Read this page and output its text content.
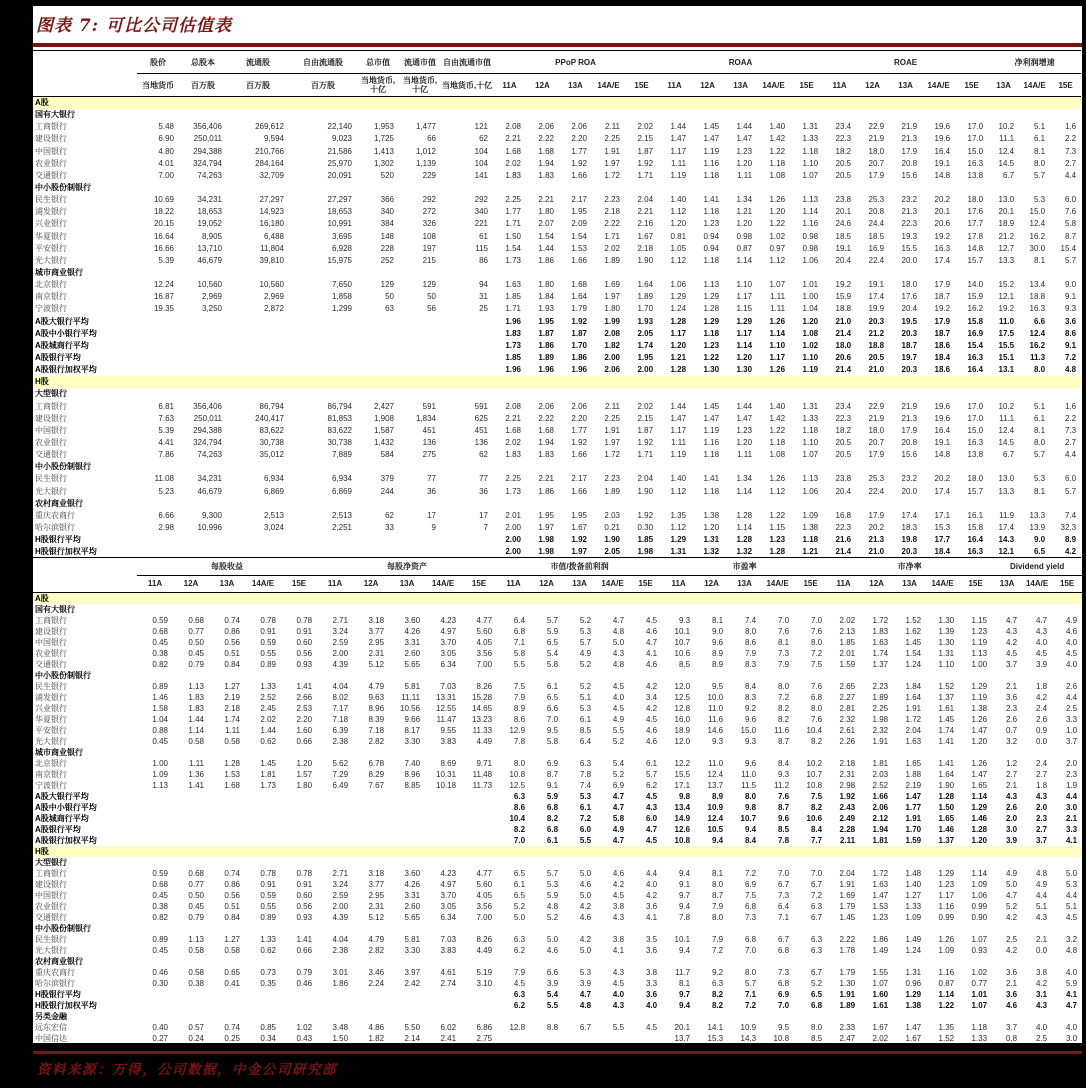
图表 7: 可比公司估值表
	股价	总股本	流通股	自由流通股	总市值	流通市值	自由流通市值	PPoP ROA					ROAA					ROAE					净利润增速		
	当地货币	百万股	百万股	百万股	当地货币,十亿	当地货币,十亿	当地货币,十亿	11A	12A	13A	14A/E	15E	11A	12A	13A	14A/E	15E	11A	12A	13A	14A/E	15E	13A	14A/E	15E
A股																									
国有大银行																									
工商银行	5.48	356,406	269,612	22,140	1,953	1,477	121	2.08	2.06	2.06	2.11	2.02	1.44	1.45	1.44	1.40	1.31	23.4	22.9	21.9	19.6	17.0	10.2	5.1	1.6
建设银行	6.90	250,011	9,594	9,023	1,725	66	62	2.21	2.22	2.20	2.25	2.15	1.47	1.47	1.47	1.42	1.33	22.3	21.9	21.3	19.6	17.0	11.1	6.1	2.2
中国银行	4.80	294,388	210,766	21,586	1,413	1,012	104	1.68	1.68	1.77	1.91	1.87	1.17	1.19	1.23	1.22	1.18	18.2	18.0	17.9	16.4	15.0	12.4	8.1	7.3
农业银行	4.01	324,794	284,164	25,970	1,302	1,139	104	2.02	1.94	1.92	1.97	1.92	1.11	1.16	1.20	1.18	1.10	20.5	20.7	20.8	19.1	16.3	14.5	8.0	2.7
交通银行	7.00	74,263	32,709	20,091	520	229	141	1.83	1.83	1.66	1.72	1.71	1.19	1.18	1.11	1.08	1.07	20.5	17.9	15.6	14.8	13.8	6.7	5.7	4.4
中小股份制银行																									
民生银行	10.69	34,231	27,297	27,297	366	292	292	2.25	2.21	2.17	2.23	2.04	1.40	1.41	1.34	1.26	1.13	23.8	25.3	23.2	20.2	18.0	13.0	5.3	6.0
浦发银行	18.22	18,653	14,923	18,653	340	272	340	1.77	1.80	1.95	2.18	2.21	1.12	1.18	1.21	1.20	1.14	20.1	20.8	21.3	20.1	17.6	20.1	15.0	7.6
兴业银行	20.15	19,052	16,180	10,991	384	326	221	1.71	2.07	2.09	2.22	2.16	1.20	1.23	1.20	1.22	1.16	24.6	24.4	22.3	20.6	17.7	18.9	12.4	5.8
华夏银行	16.64	8,905	6,488	3,695	148	108	61	1.50	1.54	1.54	1.71	1.67	0.81	0.94	0.98	1.02	0.98	18.5	18.5	19.3	19.2	17.8	21.2	16.2	8.7
平安银行	16.66	13,710	11,804	6,928	228	197	115	1.54	1.44	1.53	2.02	2.18	1.05	0.94	0.87	0.97	0.98	19.1	16.9	15.5	16.3	14.8	12.7	30.0	15.4
光大银行	5.39	46,679	39,810	15,975	252	215	86	1.73	1.86	1.66	1.89	1.90	1.12	1.18	1.14	1.12	1.06	20.4	22.4	20.0	17.4	15.7	13.3	8.1	5.7
城市商业银行																									
北京银行	12.24	10,560	10,560	7,650	129	129	94	1.63	1.80	1.68	1.69	1.64	1.06	1.13	1.10	1.07	1.01	19.2	19.1	18.0	17.9	14.0	15.2	13.4	9.0
南京银行	16.87	2,969	2,969	1,858	50	50	31	1.85	1.84	1.64	1.97	1.89	1.29	1.29	1.17	1.11	1.00	15.9	17.4	17.6	18.7	15.9	12.1	18.8	9.1
宁波银行	19.35	3,250	2,872	1,299	63	56	25	1.71	1.93	1.79	1.80	1.70	1.24	1.28	1.15	1.11	1.04	18.8	19.9	20.4	19.2	16.2	19.2	16.3	9.3
A股大银行平均								1.96	1.95	1.92	1.99	1.93	1.28	1.29	1.29	1.26	1.20	21.0	20.3	19.5	17.9	15.8	11.0	6.6	3.6
A股中小银行平均								1.83	1.87	1.87	2.08	2.05	1.17	1.18	1.17	1.14	1.08	21.4	21.2	20.3	18.7	16.9	17.5	12.4	8.6
A股城商行平均								1.73	1.86	1.70	1.82	1.74	1.20	1.23	1.14	1.10	1.02	18.0	18.8	18.7	18.6	15.4	15.5	16.2	9.1
A股银行平均								1.85	1.89	1.86	2.00	1.95	1.21	1.22	1.20	1.17	1.10	20.6	20.5	19.7	18.4	16.3	15.1	11.3	7.2
A股银行加权平均								1.96	1.96	1.96	2.06	2.00	1.28	1.30	1.30	1.26	1.19	21.4	21.0	20.3	18.6	16.4	13.1	8.0	4.8
H股																									
大型银行																									
工商银行	6.81	356,406	86,794	86,794	2,427	591	591	2.08	2.06	2.06	2.11	2.02	1.44	1.45	1.44	1.40	1.31	23.4	22.9	21.9	19.6	17.0	10.2	5.1	1.6
建设银行	7.63	250,011	240,417	81,853	1,908	1,834	625	2.21	2.22	2.20	2.25	2.15	1.47	1.47	1.47	1.42	1.33	22.3	21.9	21.3	19.6	17.0	11.1	6.1	2.2
中国银行	5.39	294,388	83,622	83,622	1,587	451	451	1.68	1.68	1.77	1.91	1.87	1.17	1.19	1.23	1.22	1.18	18.2	18.0	17.9	16.4	15.0	12.4	8.1	7.3
农业银行	4.41	324,794	30,738	30,738	1,432	136	136	2.02	1.94	1.92	1.97	1.92	1.11	1.16	1.20	1.18	1.10	20.5	20.7	20.8	19.1	16.3	14.5	8.0	2.7
交通银行	7.86	74,263	35,012	7,889	584	275	62	1.83	1.83	1.66	1.72	1.71	1.19	1.18	1.11	1.08	1.07	20.5	17.9	15.6	14.8	13.8	6.7	5.7	4.4
中小股份制银行																									
民生银行	11.08	34,231	6,934	6,934	379	77	77	2.25	2.21	2.17	2.23	2.04	1.40	1.41	1.34	1.26	1.13	23.8	25.3	23.2	20.2	18.0	13.0	5.3	6.0
光大银行	5.23	46,679	6,869	6,869	244	36	36	1.73	1.86	1.66	1.89	1.90	1.12	1.18	1.14	1.12	1.06	20.4	22.4	20.0	17.4	15.7	13.3	8.1	5.7
农村商业银行																									
重庆农商行	6.66	9,300	2,513	2,513	62	17	17	2.01	1.95	1.95	2.03	1.92	1.35	1.38	1.28	1.22	1.09	16.8	17.9	17.4	17.1	16.1	11.9	13.3	7.4
哈尔滨银行	2.98	10,996	3,024	2,251	33	9	7	2.00	1.97	1.67	0.21	0.30	1.12	1.20	1.14	1.15	1.38	22.3	20.2	18.3	15.3	15.8	17.4	13.9	32.3
H股银行平均								2.00	1.98	1.92	1.90	1.85	1.29	1.31	1.28	1.23	1.18	21.6	21.3	19.8	17.7	16.4	14.3	9.0	8.9
H股银行加权平均								2.00	1.98	1.97	2.05	1.98	1.31	1.32	1.32	1.28	1.21	21.4	21.0	20.3	18.4	16.3	12.1	6.5	4.2
	每股收益					每股净资产					市值/拨备前利润					市盈率					市净率					Dividend yield		
	11A	12A	13A	14A/E	15E	11A	12A	13A	14A/E	15E	11A	12A	13A	14A/E	15E	11A	12A	13A	14A/E	15E	11A	12A	13A	14A/E	15E	13A	14A/E	15E
A股																												
国有大银行																												
工商银行	0.59	0.68	0.74	0.78	0.78	2.71	3.18	3.60	4.23	4.77	6.4	5.7	5.2	4.7	4.5	9.3	8.1	7.4	7.0	7.0	2.02	1.72	1.52	1.30	1.15	4.7	4.7	4.9
建设银行	0.68	0.77	0.86	0.91	0.91	3.24	3.77	4.26	4.97	5.60	6.8	5.9	5.3	4.8	4.6	10.1	9.0	8.0	7.6	7.6	2.13	1.83	1.62	1.39	1.23	4.3	4.3	4.6
中国银行	0.45	0.50	0.56	0.59	0.60	2.59	2.95	3.31	3.70	4.05	7.1	6.5	5.7	5.0	4.7	10.7	9.6	8.6	8.1	8.0	1.85	1.63	1.45	1.30	1.19	4.2	4.0	4.0
农业银行	0.38	0.45	0.51	0.55	0.56	2.00	2.31	2.60	3.05	3.56	5.8	5.4	4.9	4.3	4.1	10.6	8.9	7.9	7.3	7.2	2.01	1.74	1.54	1.31	1.13	4.5	4.5	4.5
交通银行	0.82	0.79	0.84	0.89	0.93	4.39	5.12	5.65	6.34	7.00	5.5	5.8	5.2	4.8	4.6	8.5	8.9	8.3	7.9	7.5	1.59	1.37	1.24	1.10	1.00	3.7	3.9	4.0
中小股份制银行																												
民生银行	0.89	1.13	1.27	1.33	1.41	4.04	4.79	5.81	7.03	8.26	7.5	6.1	5.2	4.5	4.2	12.0	9.5	8.4	8.0	7.6	2.65	2.23	1.84	1.52	1.29	2.1	1.8	2.6
浦发银行	1.46	1.83	2.19	2.52	2.66	8.02	9.63	11.11	13.31	15.28	7.9	6.5	5.1	4.0	3.4	12.5	10.0	8.3	7.2	6.8	2.27	1.89	1.64	1.37	1.19	3.6	4.2	4.4
兴业银行	1.58	1.83	2.18	2.45	2.53	7.17	8.96	10.56	12.55	14.65	8.9	6.6	5.3	4.5	4.2	12.8	11.0	9.2	8.2	8.0	2.81	2.25	1.91	1.61	1.38	2.3	2.4	2.5
华夏银行	1.04	1.44	1.74	2.02	2.20	7.18	8.39	9.66	11.47	13.23	8.6	7.0	6.1	4.9	4.5	16.0	11.6	9.6	8.2	7.6	2.32	1.98	1.72	1.45	1.26	2.6	2.6	3.3
平安银行	0.88	1.14	1.11	1.44	1.60	6.39	7.18	8.17	9.55	11.33	12.9	9.5	8.5	5.5	4.6	18.9	14.6	15.0	11.6	10.4	2.61	2.32	2.04	1.74	1.47	0.7	0.9	1.0
光大银行	0.45	0.58	0.58	0.62	0.66	2.38	2.82	3.30	3.83	4.49	7.8	5.8	6.4	5.2	4.6	12.0	9.3	9.3	8.7	8.2	2.26	1.91	1.63	1.41	1.20	3.2	0.0	3.7
城市商业银行																												
北京银行	1.00	1.11	1.28	1.45	1.20	5.62	6.78	7.40	8.69	9.71	8.0	6.9	6.3	5.4	6.1	12.2	11.0	9.6	8.4	10.2	2.18	1.81	1.65	1.41	1.26	1.2	2.4	2.0
南京银行	1.09	1.36	1.53	1.81	1.57	7.29	8.29	8.96	10.31	11.48	10.8	8.7	7.8	5.2	5.7	15.5	12.4	11.0	9.3	10.7	2.31	2.03	1.88	1.64	1.47	2.7	2.7	2.3
宁波银行	1.13	1.41	1.68	1.73	1.80	6.49	7.67	8.85	10.18	11.73	12.5	9.1	7.4	6.9	6.2	17.1	13.7	11.5	11.2	10.8	2.98	2.52	2.19	1.90	1.65	2.1	1.8	1.9
A股大银行平均											6.3	5.9	5.3	4.7	4.5	9.8	8.9	8.0	7.6	7.5	1.92	1.66	1.47	1.28	1.14	4.3	4.3	4.4
A股中小银行平均											8.6	6.8	6.1	4.7	4.3	13.4	10.9	9.8	8.7	8.2	2.43	2.06	1.77	1.50	1.29	2.6	2.0	3.0
A股城商行平均											10.4	8.2	7.2	5.8	6.0	14.9	12.4	10.7	9.6	10.6	2.49	2.12	1.91	1.65	1.46	2.0	2.3	2.1
A股银行平均											8.2	6.8	6.0	4.9	4.7	12.6	10.5	9.4	8.5	8.4	2.28	1.94	1.70	1.46	1.28	3.0	2.7	3.3
A股银行加权平均											7.0	6.1	5.5	4.7	4.5	10.8	9.4	8.4	7.8	7.7	2.11	1.81	1.59	1.37	1.20	3.9	3.7	4.1
H股																												
大型银行																												
工商银行	0.59	0.68	0.74	0.78	0.78	2.71	3.18	3.60	4.23	4.77	6.5	5.7	5.0	4.6	4.4	9.4	8.1	7.2	7.0	7.0	2.04	1.72	1.48	1.29	1.14	4.9	4.8	5.0
建设银行	0.68	0.77	0.86	0.91	0.91	3.24	3.77	4.26	4.97	5.60	6.1	5.3	4.6	4.2	4.0	9.1	8.0	6.9	6.7	6.7	1.91	1.63	1.40	1.23	1.09	5.0	4.9	5.3
中国银行	0.45	0.50	0.56	0.59	0.60	2.59	2.95	3.31	3.70	4.05	6.5	5.9	5.0	4.5	4.2	9.7	8.7	7.5	7.3	7.2	1.69	1.47	1.27	1.17	1.06	4.7	4.4	4.4
农业银行	0.38	0.45	0.51	0.55	0.56	2.00	2.31	2.60	3.05	3.56	5.2	4.8	4.2	3.8	3.6	9.4	7.9	6.8	6.4	6.3	1.79	1.53	1.33	1.16	0.99	5.2	5.1	5.1
交通银行	0.82	0.79	0.84	0.89	0.93	4.39	5.12	5.65	6.34	7.00	5.0	5.2	4.6	4.3	4.1	7.8	8.0	7.3	7.1	6.7	1.45	1.23	1.09	0.99	0.90	4.2	4.3	4.5
中小股份制银行																												
民生银行	0.89	1.13	1.27	1.33	1.41	4.04	4.79	5.81	7.03	8.26	6.3	5.0	4.2	3.8	3.5	10.1	7.9	6.8	6.7	6.3	2.22	1.86	1.49	1.26	1.07	2.5	2.1	3.2
光大银行	0.45	0.58	0.58	0.62	0.66	2.38	2.82	3.30	3.83	4.49	6.2	4.6	5.0	4.1	3.6	9.4	7.2	7.0	6.8	6.3	1.78	1.49	1.24	1.09	0.93	4.2	0.0	4.8
农村商业银行																												
重庆农商行	0.46	0.58	0.65	0.73	0.79	3.01	3.46	3.97	4.61	5.19	7.9	6.6	5.3	4.3	3.8	11.7	9.2	8.0	7.3	6.7	1.79	1.55	1.31	1.16	1.02	3.6	3.8	4.0
哈尔滨银行	0.30	0.38	0.41	0.35	0.46	1.86	2.24	2.42	2.74	3.10	4.5	3.9	3.9	4.5	3.3	8.1	6.3	5.7	6.8	5.2	1.30	1.07	0.96	0.87	0.77	2.1	4.2	5.9
H股银行平均											6.3	5.4	4.7	4.0	3.6	9.7	8.2	7.1	6.9	6.5	1.91	1.60	1.29	1.14	1.01	3.6	3.1	4.1
H股银行加权平均											6.2	5.5	4.8	4.3	4.0	9.4	8.2	7.2	7.0	6.8	1.89	1.61	1.38	1.22	1.07	4.6	4.3	4.7
另类金融																												
远东宏信	0.40	0.57	0.74	0.85	1.02	3.48	4.86	5.50	6.02	6.86	12.8	8.8	6.7	5.5	4.5	20.1	14.1	10.9	9.5	8.0	2.33	1.67	1.47	1.35	1.18	3.7	4.0	4.0
中国信达	0.27	0.24	0.25	0.34	0.43	1.50	1.82	2.14	2.41	2.75						13.7	15.3	14.3	10.8	8.5	2.47	2.02	1.67	1.52	1.33	0.8	2.5	3.0
资料来源：万得，公司数据，中金公司研究部
